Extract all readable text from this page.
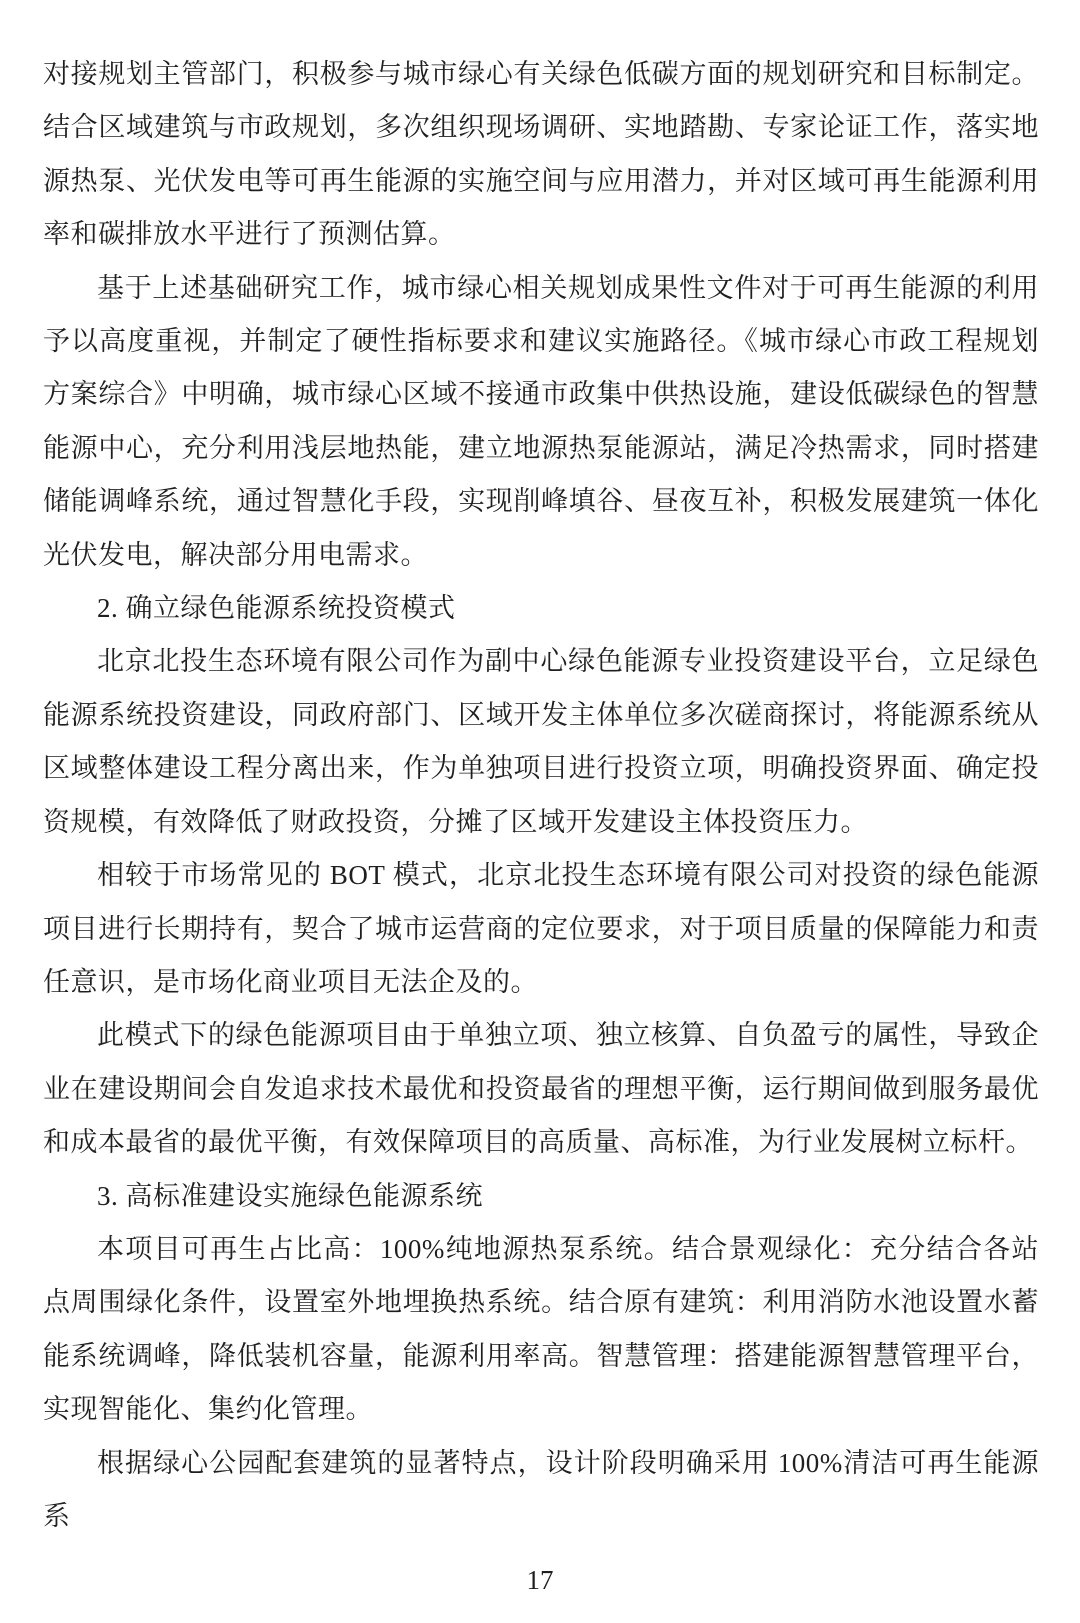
对接规划主管部门，积极参与城市绿心有关绿色低碳方面的规划研究和目标制定。结合区域建筑与市政规划，多次组织现场调研、实地踏勘、专家论证工作，落实地源热泵、光伏发电等可再生能源的实施空间与应用潜力，并对区域可再生能源利用率和碳排放水平进行了预测估算。

基于上述基础研究工作，城市绿心相关规划成果性文件对于可再生能源的利用予以高度重视，并制定了硬性指标要求和建议实施路径。《城市绿心市政工程规划方案综合》中明确，城市绿心区域不接通市政集中供热设施，建设低碳绿色的智慧能源中心，充分利用浅层地热能，建立地源热泵能源站，满足冷热需求，同时搭建储能调峰系统，通过智慧化手段，实现削峰填谷、昼夜互补，积极发展建筑一体化光伏发电，解决部分用电需求。

2. 确立绿色能源系统投资模式

北京北投生态环境有限公司作为副中心绿色能源专业投资建设平台，立足绿色能源系统投资建设，同政府部门、区域开发主体单位多次磋商探讨，将能源系统从区域整体建设工程分离出来，作为单独项目进行投资立项，明确投资界面、确定投资规模，有效降低了财政投资，分摊了区域开发建设主体投资压力。

相较于市场常见的 BOT 模式，北京北投生态环境有限公司对投资的绿色能源项目进行长期持有，契合了城市运营商的定位要求，对于项目质量的保障能力和责任意识，是市场化商业项目无法企及的。

此模式下的绿色能源项目由于单独立项、独立核算、自负盈亏的属性，导致企业在建设期间会自发追求技术最优和投资最省的理想平衡，运行期间做到服务最优和成本最省的最优平衡，有效保障项目的高质量、高标准，为行业发展树立标杆。

3. 高标准建设实施绿色能源系统

本项目可再生占比高：100%纯地源热泵系统。结合景观绿化：充分结合各站点周围绿化条件，设置室外地埋换热系统。结合原有建筑：利用消防水池设置水蓄能系统调峰，降低装机容量，能源利用率高。智慧管理：搭建能源智慧管理平台，实现智能化、集约化管理。

根据绿心公园配套建筑的显著特点，设计阶段明确采用 100%清洁可再生能源系

17
